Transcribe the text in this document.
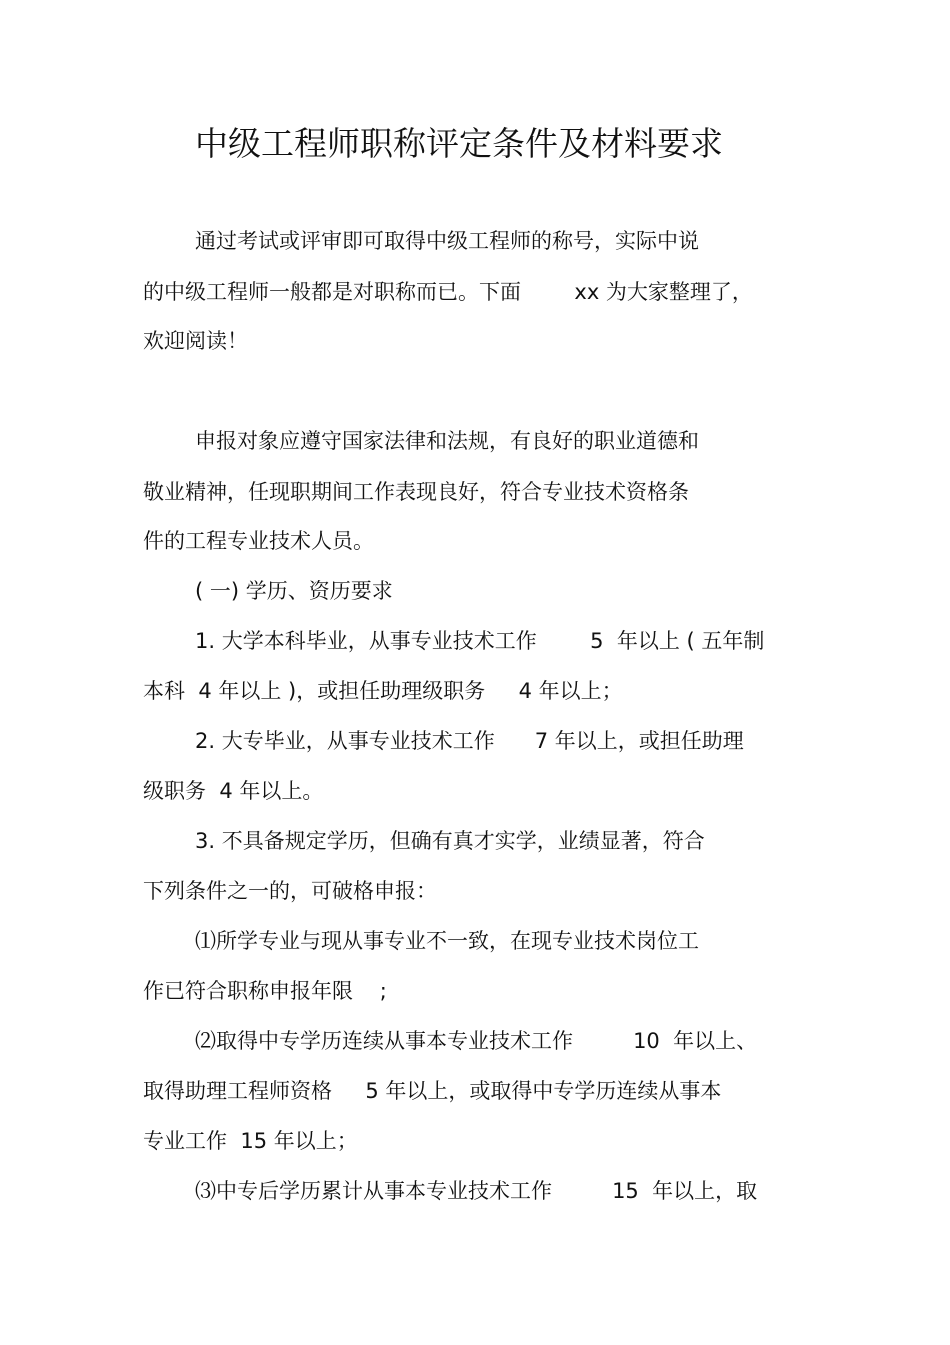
中级工程师职称评定条件及材料要求
通过考试或评审即可取得中级工程师的称号，实际中说
的中级工程师一般都是对职称而已。下面        xx 为大家整理了，
欢迎阅读！
申报对象应遵守国家法律和法规，有良好的职业道德和
敬业精神，任现职期间工作表现良好，符合专业技术资格条
件的工程专业技术人员。
( 一) 学历、资历要求
1. 大学本科毕业，从事专业技术工作        5  年以上 ( 五年制
本科  4 年以上 )，或担任助理级职务     4 年以上；
2. 大专毕业，从事专业技术工作      7 年以上，或担任助理
级职务  4 年以上。
3. 不具备规定学历，但确有真才实学，业绩显著，符合
下列条件之一的，可破格申报：
⑴所学专业与现从事专业不一致，在现专业技术岗位工
作已符合职称申报年限    ;
⑵取得中专学历连续从事本专业技术工作         10  年以上、
取得助理工程师资格     5 年以上，或取得中专学历连续从事本
专业工作  15 年以上；
⑶中专后学历累计从事本专业技术工作         15  年以上，取
